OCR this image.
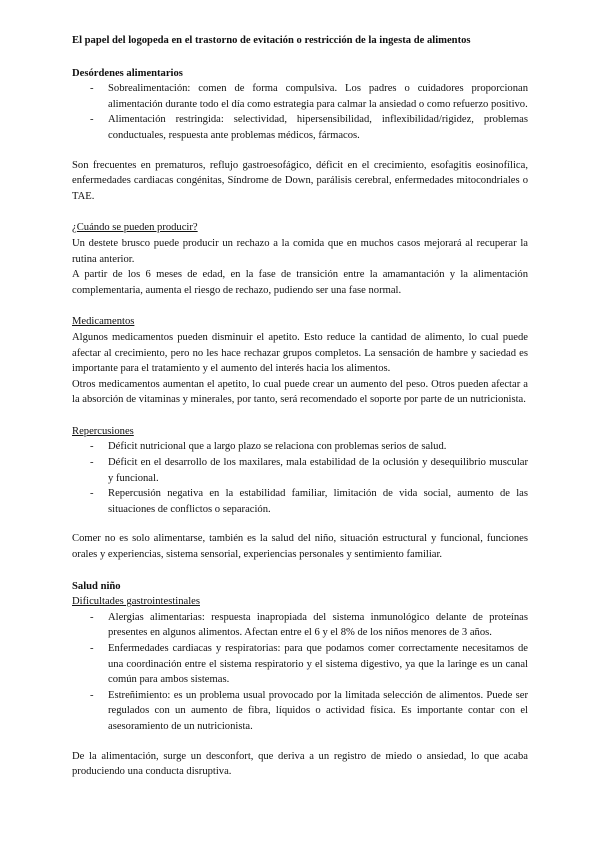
El papel del logopeda en el trastorno de evitación o restricción de la ingesta de alimentos

Desórdenes alimentarios

- Sobrealimentación: comen de forma compulsiva. Los padres o cuidadores proporcionan alimentación durante todo el día como estrategia para calmar la ansiedad o como refuerzo positivo.
- Alimentación restringida: selectividad, hipersensibilidad, inflexibilidad/rigidez, problemas conductuales, respuesta ante problemas médicos, fármacos.

Son frecuentes en prematuros, reflujo gastroesofágico, déficit en el crecimiento, esofagitis eosinofílica, enfermedades cardiacas congénitas, Síndrome de Down, parálisis cerebral, enfermedades mitocondriales o TAE.

¿Cuándo se pueden producir?

Un destete brusco puede producir un rechazo a la comida que en muchos casos mejorará al recuperar la rutina anterior.

A partir de los 6 meses de edad, en la fase de transición entre la amamantación y la alimentación complementaria, aumenta el riesgo de rechazo, pudiendo ser una fase normal.

Medicamentos

Algunos medicamentos pueden disminuir el apetito. Esto reduce la cantidad de alimento, lo cual puede afectar al crecimiento, pero no les hace rechazar grupos completos. La sensación de hambre y saciedad es importante para el tratamiento y el aumento del interés hacia los alimentos.

Otros medicamentos aumentan el apetito, lo cual puede crear un aumento del peso. Otros pueden afectar a la absorción de vitaminas y minerales, por tanto, será recomendado el soporte por parte de un nutricionista.

Repercusiones

- Déficit nutricional que a largo plazo se relaciona con problemas serios de salud.
- Déficit en el desarrollo de los maxilares, mala estabilidad de la oclusión y desequilibrio muscular y funcional.
- Repercusión negativa en la estabilidad familiar, limitación de vida social, aumento de las situaciones de conflictos o separación.

Comer no es solo alimentarse, también es la salud del niño, situación estructural y funcional, funciones orales y experiencias, sistema sensorial, experiencias personales y sentimiento familiar.

Salud niño

Dificultades gastrointestinales

- Alergias alimentarias: respuesta inapropiada del sistema inmunológico delante de proteínas presentes en algunos alimentos. Afectan entre el 6 y el 8% de los niños menores de 3 años.
- Enfermedades cardiacas y respiratorias: para que podamos comer correctamente necesitamos de una coordinación entre el sistema respiratorio y el sistema digestivo, ya que la laringe es un canal común para ambos sistemas.
- Estreñimiento: es un problema usual provocado por la limitada selección de alimentos. Puede ser regulados con un aumento de fibra, líquidos o actividad física. Es importante contar con el asesoramiento de un nutricionista.

De la alimentación, surge un desconfort, que deriva a un registro de miedo o ansiedad, lo que acaba produciendo una conducta disruptiva.
